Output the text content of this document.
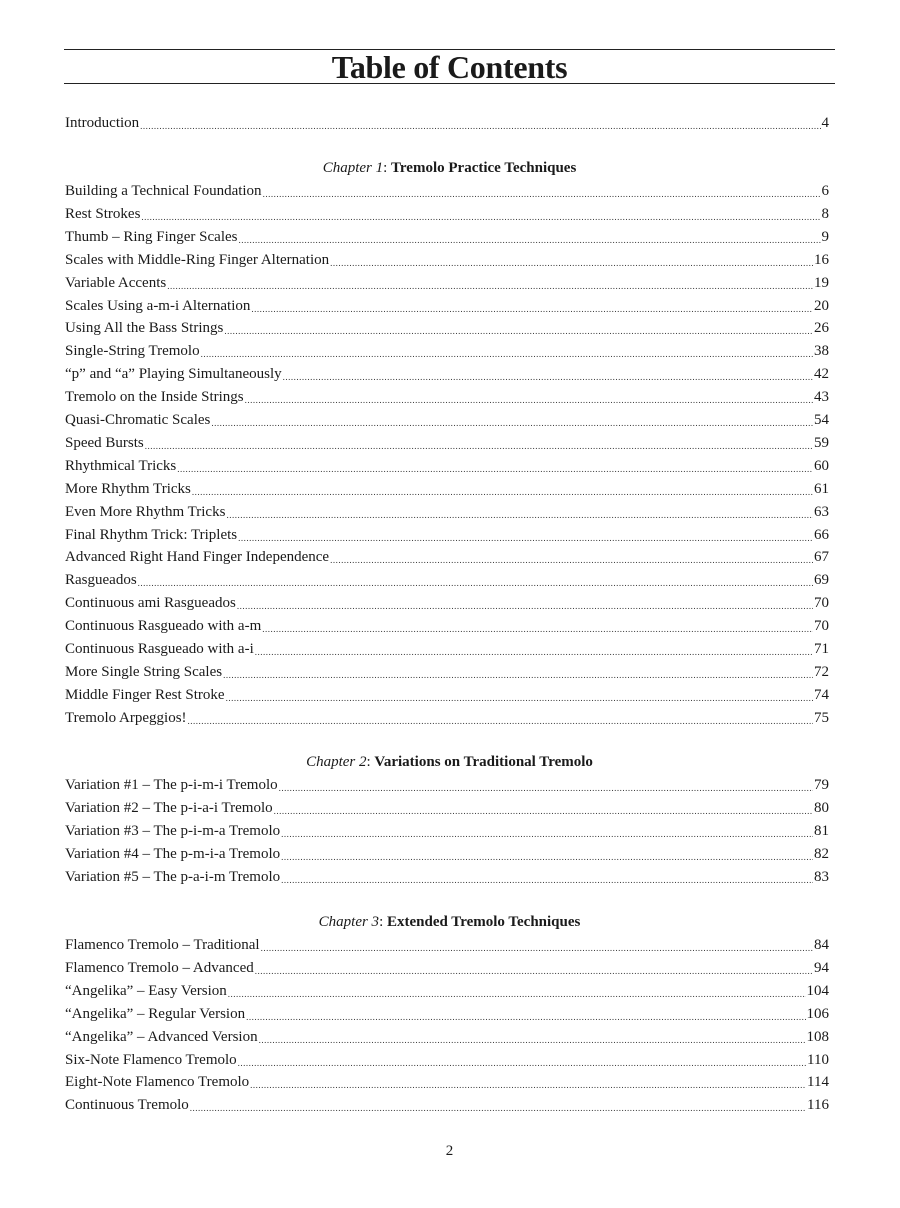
Table of Contents
Introduction .....	4
Chapter 1: Tremolo Practice Techniques
Building a Technical Foundation .....	6
Rest Strokes .....	8
Thumb – Ring Finger Scales .....	9
Scales with Middle-Ring Finger Alternation .....	16
Variable Accents .....	19
Scales Using a-m-i Alternation .....	20
Using All the Bass Strings .....	26
Single-String Tremolo .....	38
“p” and “a” Playing Simultaneously .....	42
Tremolo on the Inside Strings .....	43
Quasi-Chromatic Scales .....	54
Speed Bursts .....	59
Rhythmical Tricks .....	60
More Rhythm Tricks .....	61
Even More Rhythm Tricks .....	63
Final Rhythm Trick: Triplets .....	66
Advanced Right Hand Finger Independence .....	67
Rasgueados .....	69
Continuous ami Rasgueados .....	70
Continuous Rasgueado with a-m .....	70
Continuous Rasgueado with a-i .....	71
More Single String Scales .....	72
Middle Finger Rest Stroke .....	74
Tremolo Arpeggios! .....	75
Chapter 2: Variations on Traditional Tremolo
Variation #1 – The p-i-m-i Tremolo .....	79
Variation #2 – The p-i-a-i Tremolo .....	80
Variation #3 – The p-i-m-a Tremolo .....	81
Variation #4 – The p-m-i-a Tremolo .....	82
Variation #5 – The p-a-i-m Tremolo .....	83
Chapter 3: Extended Tremolo Techniques
Flamenco Tremolo – Traditional .....	84
Flamenco Tremolo – Advanced .....	94
“Angelika” – Easy Version .....	104
“Angelika” – Regular Version .....	106
“Angelika” – Advanced Version .....	108
Six-Note Flamenco Tremolo .....	110
Eight-Note Flamenco Tremolo .....	114
Continuous Tremolo .....	116
2
